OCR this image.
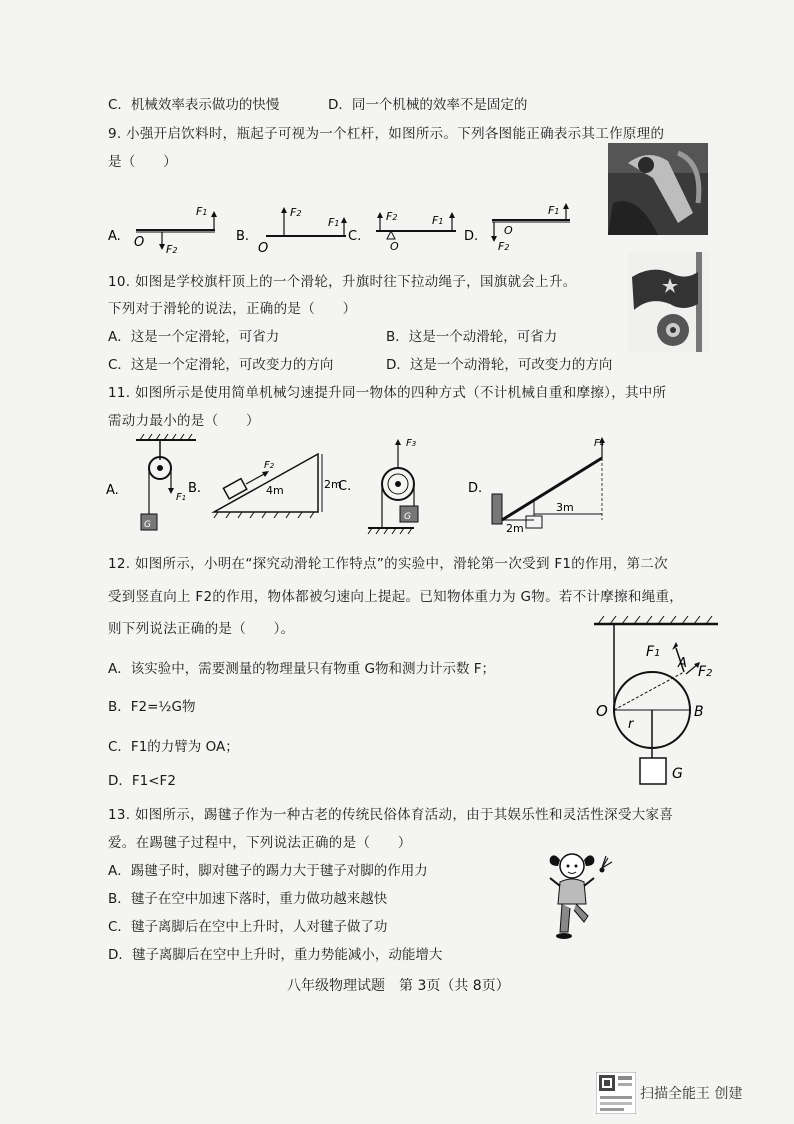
C．机械效率表示做功的快慢	D．同一个机械的效率不是固定的
9. 小强开启饮料时，瓶起子可视为一个杠杆，如图所示。下列各图能正确表示其工作原理的
是（　　）
A. O
F1
F2
B.
O
F2
F1
C.
O
F2	F1
D. O
F2
F1
10. 如图是学校旗杆顶上的一个滑轮，升旗时往下拉动绳子，国旗就会上升。
下列对于滑轮的说法，正确的是（　　）
A．这是一个定滑轮，可省力	B．这是一个动滑轮，可省力
C．这是一个定滑轮，可改变力的方向	D．这是一个动滑轮，可改变力的方向
11. 如图所示是使用简单机械匀速提升同一物体的四种方式（不计机械自重和摩擦），其中所
需动力最小的是（　　）
A.	F1
G
B.
F2
4m	2m
C.
G
F3
D.
2m
3m
F4
12. 如图所示，小明在“探究动滑轮工作特点”的实验中，滑轮第一次受到 F1的作用，第二次
受到竖直向上 F2的作用，物体都被匀速向上提起。已知物体重力为 G物。若不计摩擦和绳重，
则下列说法正确的是（　　）。
A．该实验中，需要测量的物理量只有物重 G物和测力计示数 F；
B．F2=½G物
C．F1的力臂为 OA；
D．F1<F2
F1
A
F2
O
r
B
G
13. 如图所示，踢毽子作为一种古老的传统民俗体育活动，由于其娱乐性和灵活性深受大家喜
爱。在踢毽子过程中，下列说法正确的是（　　）
A．踢毽子时，脚对毽子的踢力大于毽子对脚的作用力
B．毽子在空中加速下落时，重力做功越来越快
C．毽子离脚后在空中上升时，人对毽子做了功
D．毽子离脚后在空中上升时，重力势能减小，动能增大
八年级物理试题　第 3页（共 8页）
扫描全能王 创建
